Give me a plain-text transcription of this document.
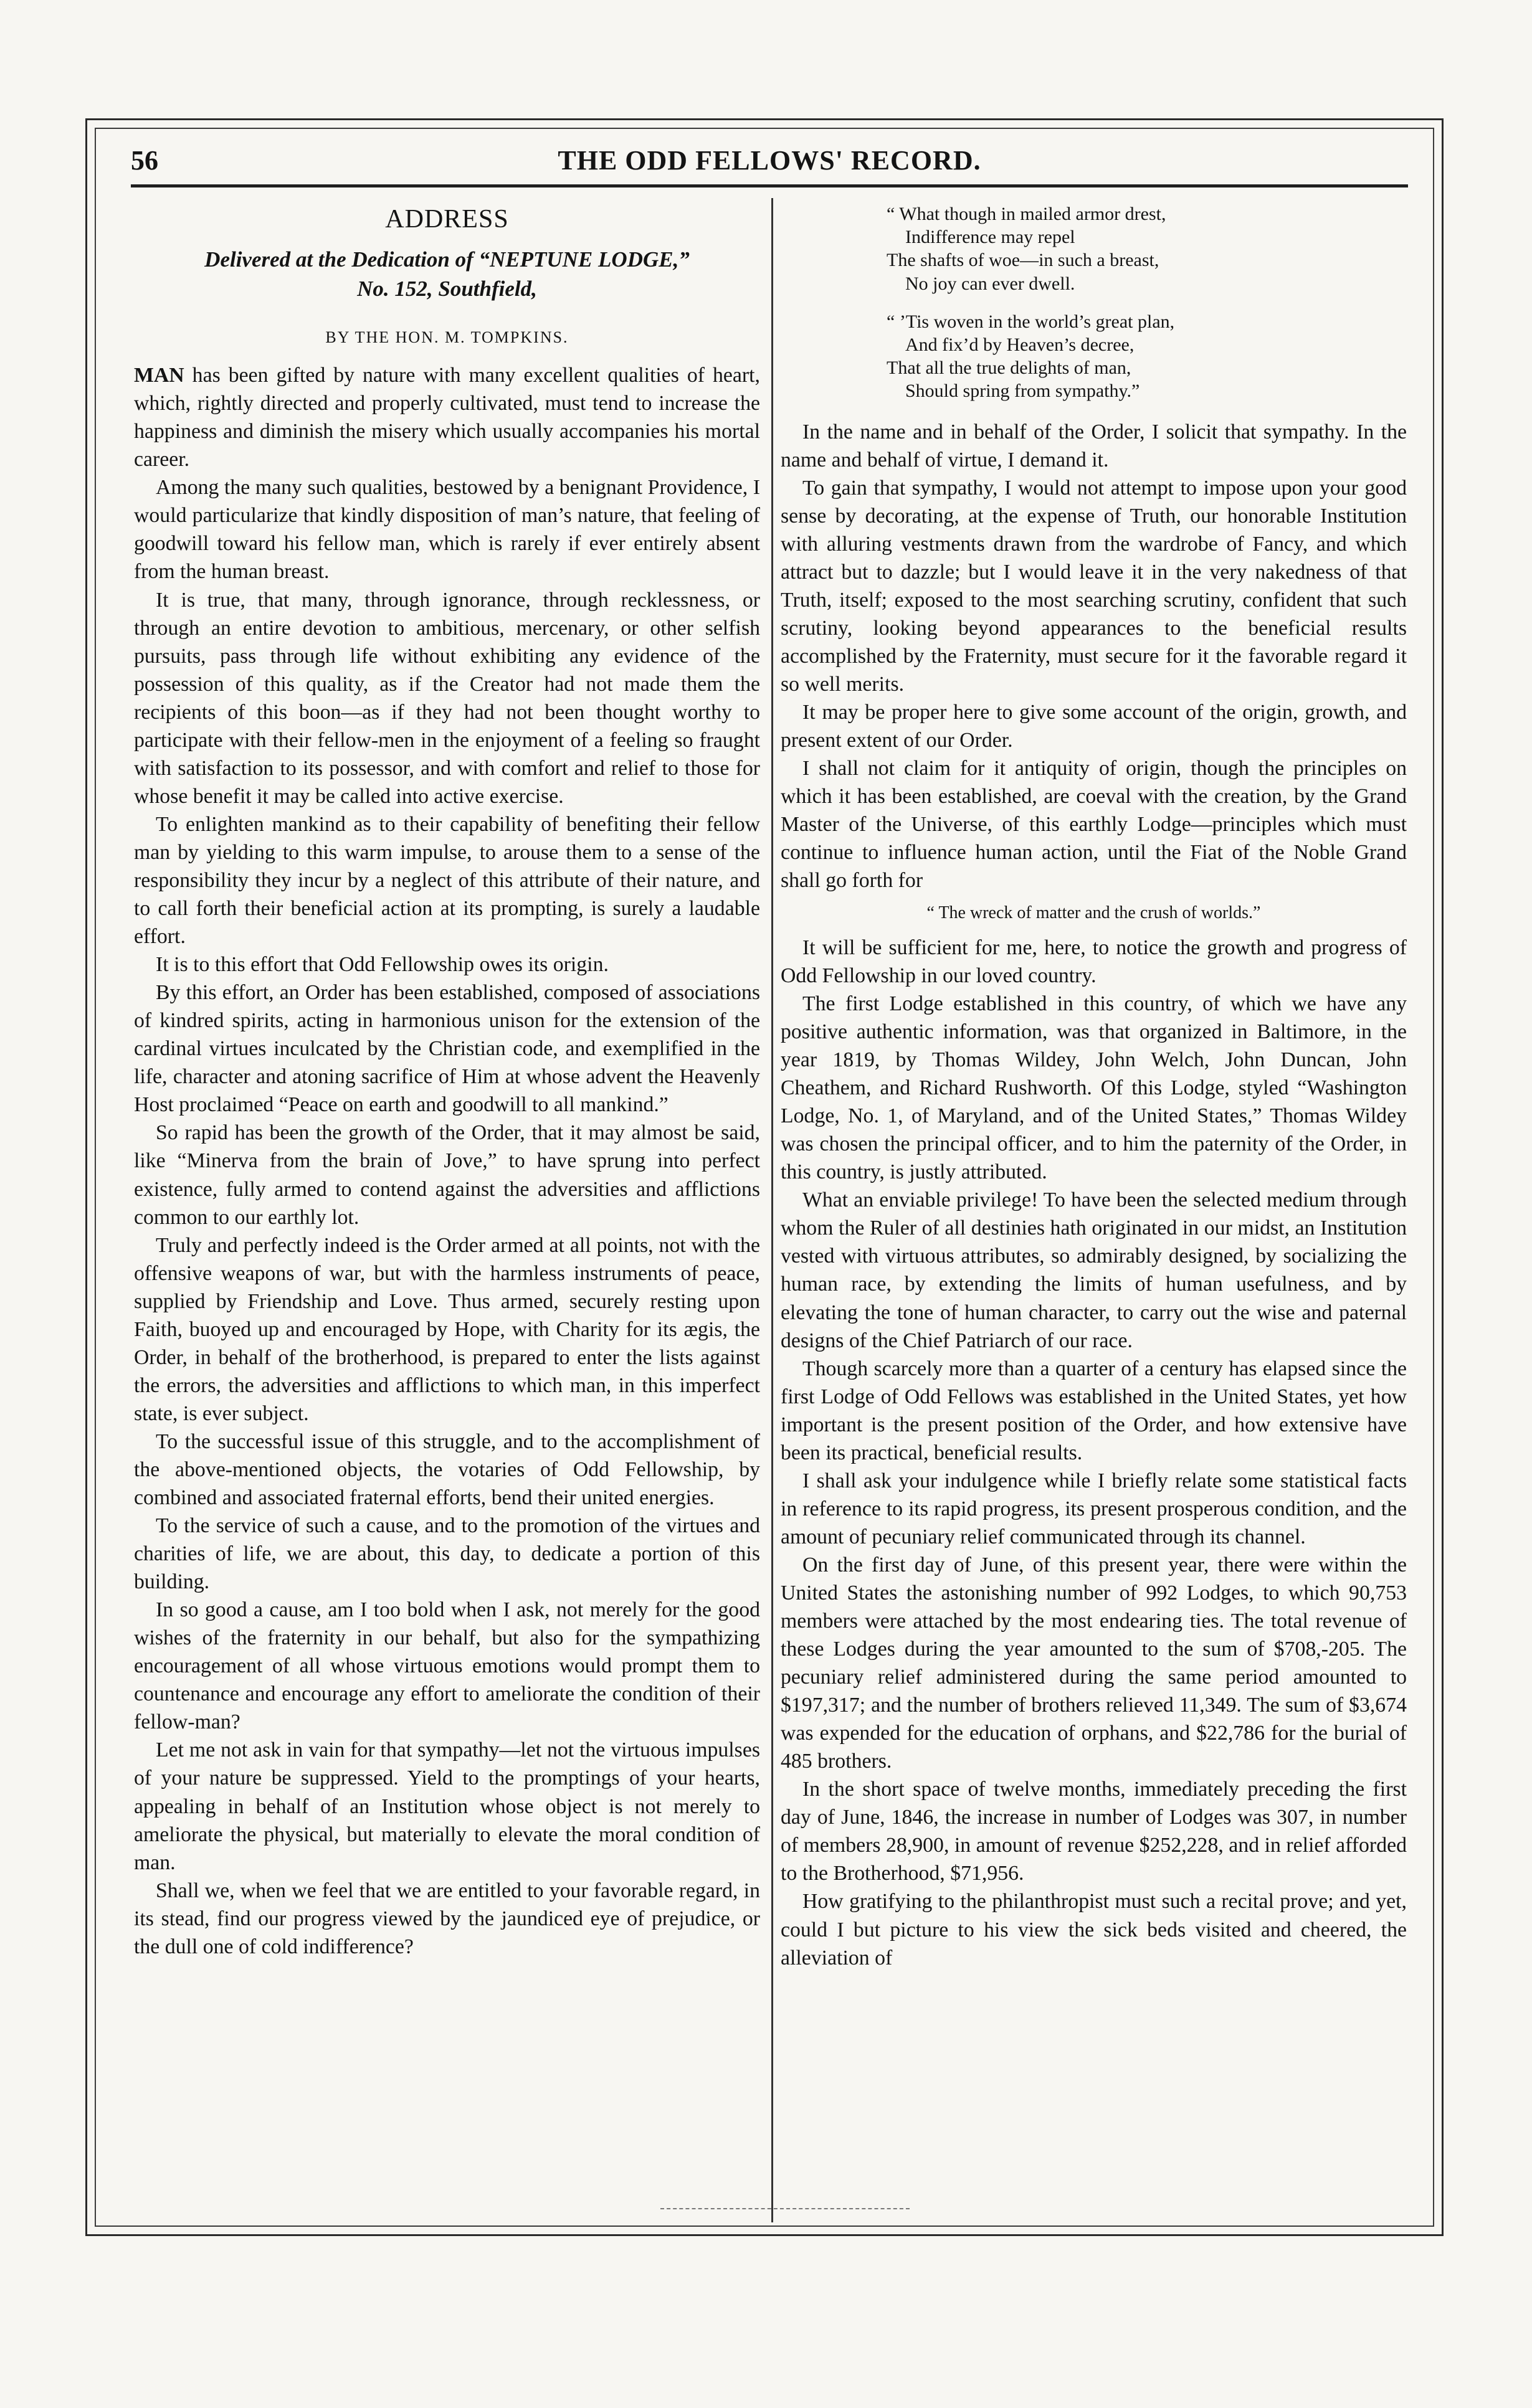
56	THE ODD FELLOWS' RECORD.
ADDRESS
Delivered at the Dedication of “NEPTUNE LODGE,”
No. 152, Southfield,
BY THE HON. M. TOMPKINS.

MAN has been gifted by nature with many excellent qualities of heart, which, rightly directed and properly cultivated, must tend to increase the happiness and diminish the misery which usually accompanies his mortal career.

Among the many such qualities, bestowed by a benignant Providence, I would particularize that kindly disposition of man’s nature, that feeling of goodwill toward his fellow man, which is rarely if ever entirely absent from the human breast.

It is true, that many, through ignorance, through recklessness, or through an entire devotion to ambitious, mercenary, or other selfish pursuits, pass through life without exhibiting any evidence of the possession of this quality, as if the Creator had not made them the recipients of this boon—as if they had not been thought worthy to participate with their fellow-men in the enjoyment of a feeling so fraught with satisfaction to its possessor, and with comfort and relief to those for whose benefit it may be called into active exercise.

To enlighten mankind as to their capability of benefiting their fellow man by yielding to this warm impulse, to arouse them to a sense of the responsibility they incur by a neglect of this attribute of their nature, and to call forth their beneficial action at its prompting, is surely a laudable effort.

It is to this effort that Odd Fellowship owes its origin.

By this effort, an Order has been established, composed of associations of kindred spirits, acting in harmonious unison for the extension of the cardinal virtues inculcated by the Christian code, and exemplified in the life, character and atoning sacrifice of Him at whose advent the Heavenly Host proclaimed “Peace on earth and goodwill to all mankind.”

So rapid has been the growth of the Order, that it may almost be said, like “Minerva from the brain of Jove,” to have sprung into perfect existence, fully armed to contend against the adversities and afflictions common to our earthly lot.

Truly and perfectly indeed is the Order armed at all points, not with the offensive weapons of war, but with the harmless instruments of peace, supplied by Friendship and Love. Thus armed, securely resting upon Faith, buoyed up and encouraged by Hope, with Charity for its ægis, the Order, in behalf of the brotherhood, is prepared to enter the lists against the errors, the adversities and afflictions to which man, in this imperfect state, is ever subject.

To the successful issue of this struggle, and to the accomplishment of the above-mentioned objects, the votaries of Odd Fellowship, by combined and associated fraternal efforts, bend their united energies.

To the service of such a cause, and to the promotion of the virtues and charities of life, we are about, this day, to dedicate a portion of this building.

In so good a cause, am I too bold when I ask, not merely for the good wishes of the fraternity in our behalf, but also for the sympathizing encouragement of all whose virtuous emotions would prompt them to countenance and encourage any effort to ameliorate the condition of their fellow-man?

Let me not ask in vain for that sympathy—let not the virtuous impulses of your nature be suppressed. Yield to the promptings of your hearts, appealing in behalf of an Institution whose object is not merely to ameliorate the physical, but materially to elevate the moral condition of man.

Shall we, when we feel that we are entitled to your favorable regard, in its stead, find our progress viewed by the jaundiced eye of prejudice, or the dull one of cold indifference?

“ What though in mailed armor drest,
Indifference may repel
The shafts of woe—in such a breast,
No joy can ever dwell.
“ ’Tis woven in the world’s great plan,
And fix’d by Heaven’s decree,
That all the true delights of man,
Should spring from sympathy.”

In the name and in behalf of the Order, I solicit that sympathy. In the name and behalf of virtue, I demand it.

To gain that sympathy, I would not attempt to impose upon your good sense by decorating, at the expense of Truth, our honorable Institution with alluring vestments drawn from the wardrobe of Fancy, and which attract but to dazzle; but I would leave it in the very nakedness of that Truth, itself; exposed to the most searching scrutiny, confident that such scrutiny, looking beyond appearances to the beneficial results accomplished by the Fraternity, must secure for it the favorable regard it so well merits.

It may be proper here to give some account of the origin, growth, and present extent of our Order.

I shall not claim for it antiquity of origin, though the principles on which it has been established, are coeval with the creation, by the Grand Master of the Universe, of this earthly Lodge—principles which must continue to influence human action, until the Fiat of the Noble Grand shall go forth for

“ The wreck of matter and the crush of worlds.”

It will be sufficient for me, here, to notice the growth and progress of Odd Fellowship in our loved country.

The first Lodge established in this country, of which we have any positive authentic information, was that organized in Baltimore, in the year 1819, by Thomas Wildey, John Welch, John Duncan, John Cheathem, and Richard Rushworth. Of this Lodge, styled “Washington Lodge, No. 1, of Maryland, and of the United States,” Thomas Wildey was chosen the principal officer, and to him the paternity of the Order, in this country, is justly attributed.

What an enviable privilege! To have been the selected medium through whom the Ruler of all destinies hath originated in our midst, an Institution vested with virtuous attributes, so admirably designed, by socializing the human race, by extending the limits of human usefulness, and by elevating the tone of human character, to carry out the wise and paternal designs of the Chief Patriarch of our race.

Though scarcely more than a quarter of a century has elapsed since the first Lodge of Odd Fellows was established in the United States, yet how important is the present position of the Order, and how extensive have been its practical, beneficial results.

I shall ask your indulgence while I briefly relate some statistical facts in reference to its rapid progress, its present prosperous condition, and the amount of pecuniary relief communicated through its channel.

On the first day of June, of this present year, there were within the United States the astonishing number of 992 Lodges, to which 90,753 members were attached by the most endearing ties. The total revenue of these Lodges during the year amounted to the sum of $708,-205. The pecuniary relief administered during the same period amounted to $197,317; and the number of brothers relieved 11,349. The sum of $3,674 was expended for the education of orphans, and $22,786 for the burial of 485 brothers.

In the short space of twelve months, immediately preceding the first day of June, 1846, the increase in number of Lodges was 307, in number of members 28,900, in amount of revenue $252,228, and in relief afforded to the Brotherhood, $71,956.

How gratifying to the philanthropist must such a recital prove; and yet, could I but picture to his view the sick beds visited and cheered, the alleviation of
